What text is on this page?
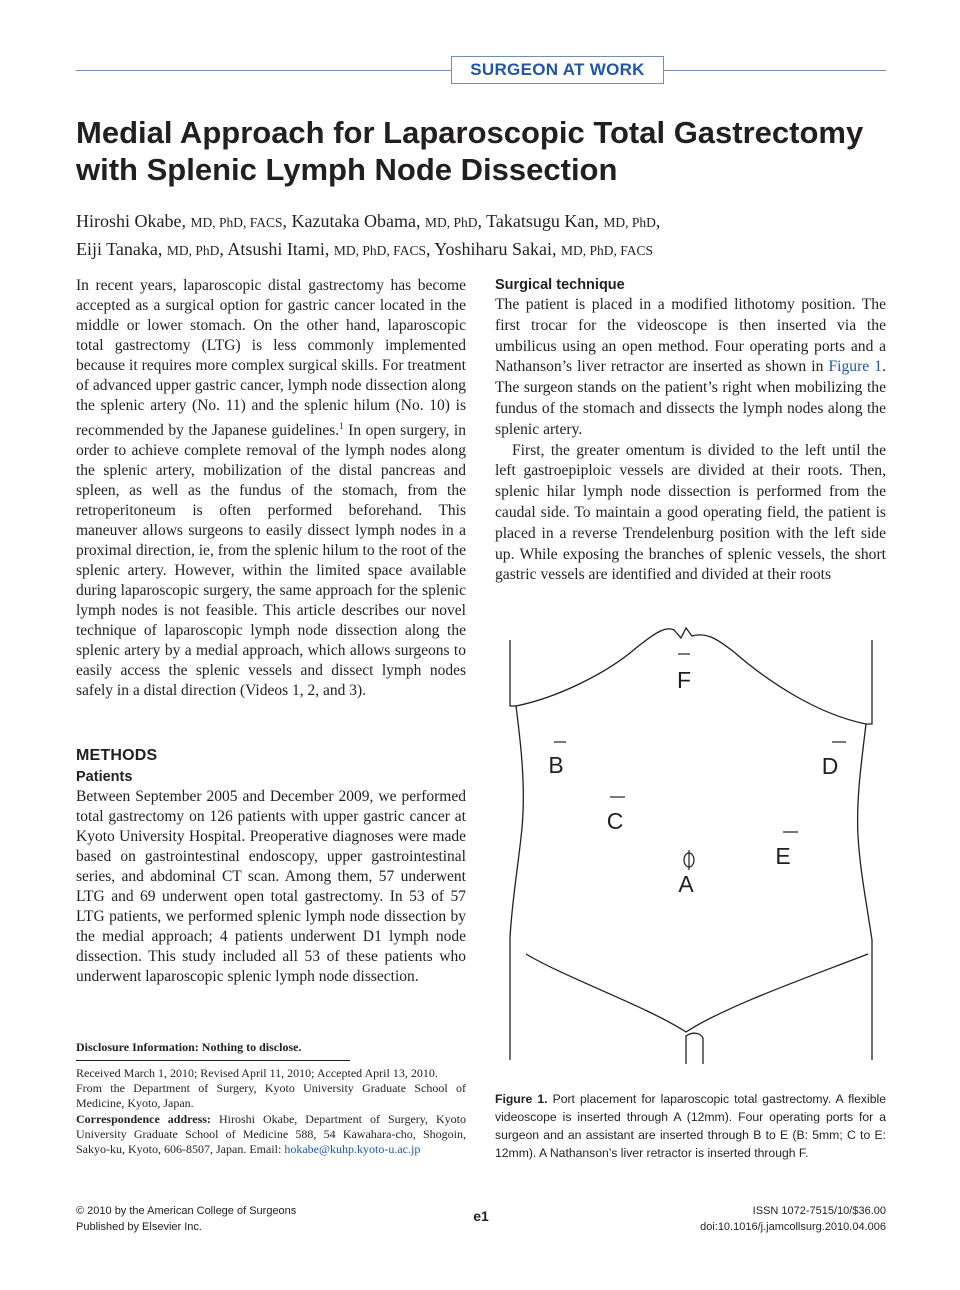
SURGEON AT WORK
Medial Approach for Laparoscopic Total Gastrectomy
with Splenic Lymph Node Dissection
Hiroshi Okabe, MD, PhD, FACS, Kazutaka Obama, MD, PhD, Takatsugu Kan, MD, PhD,
Eiji Tanaka, MD, PhD, Atsushi Itami, MD, PhD, FACS, Yoshiharu Sakai, MD, PhD, FACS

In recent years, laparoscopic distal gastrectomy has become accepted as a surgical option for gastric cancer located in the middle or lower stomach. On the other hand, laparoscopic total gastrectomy (LTG) is less commonly implemented because it requires more complex surgical skills. For treatment of advanced upper gastric cancer, lymph node dissection along the splenic artery (No. 11) and the splenic hilum (No. 10) is recommended by the Japanese guidelines.$^1$ In open surgery, in order to achieve complete removal of the lymph nodes along the splenic artery, mobilization of the distal pancreas and spleen, as well as the fundus of the stomach, from the retroperitoneum is often performed beforehand. This maneuver allows surgeons to easily dissect lymph nodes in a proximal direction, ie, from the splenic hilum to the root of the splenic artery. However, within the limited space available during laparoscopic surgery, the same approach for the splenic lymph nodes is not feasible. This article describes our novel technique of laparoscopic lymph node dissection along the splenic artery by a medial approach, which allows surgeons to easily access the splenic vessels and dissect lymph nodes safely in a distal direction (Videos 1, 2, and 3).

METHODS

Patients

Between September 2005 and December 2009, we performed total gastrectomy on 126 patients with upper gastric cancer at Kyoto University Hospital. Preoperative diagnoses were made based on gastrointestinal endoscopy, upper gastrointestinal series, and abdominal CT scan. Among them, 57 underwent LTG and 69 underwent open total gastrectomy. In 53 of 57 LTG patients, we performed splenic lymph node dissection by the medial approach; 4 patients underwent D1 lymph node dissection. This study included all 53 of these patients who underwent laparoscopic splenic lymph node dissection.

Disclosure Information: Nothing to disclose.

Received March 1, 2010; Revised April 11, 2010; Accepted April 13, 2010.
From the Department of Surgery, Kyoto University Graduate School of Medicine, Kyoto, Japan.
Correspondence address: Hiroshi Okabe, Department of Surgery, Kyoto University Graduate School of Medicine 588, 54 Kawahara-cho, Shogoin, Sakyo-ku, Kyoto, 606-8507, Japan. Email: hokabe@kuhp.kyoto-u.ac.jp

Surgical technique

The patient is placed in a modified lithotomy position. The first trocar for the videoscope is then inserted via the umbilicus using an open method. Four operating ports and a Nathanson’s liver retractor are inserted as shown in Figure 1. The surgeon stands on the patient’s right when mobilizing the fundus of the stomach and dissects the lymph nodes along the splenic artery.

First, the greater omentum is divided to the left until the left gastroepiploic vessels are divided at their roots. Then, splenic hilar lymph node dissection is performed from the caudal side. To maintain a good operating field, the patient is placed in a reverse Trendelenburg position with the left side up. While exposing the branches of splenic vessels, the short gastric vessels are identified and divided at their roots

F
B	D
C
E
A

Figure 1. Port placement for laparoscopic total gastrectomy. A flexible videoscope is inserted through A (12mm). Four operating ports for a surgeon and an assistant are inserted through B to E (B: 5mm; C to E: 12mm). A Nathanson’s liver retractor is inserted through F.

© 2010 by the American College of Surgeons
Published by Elsevier Inc.
e1	ISSN 1072-7515/10/$36.00
doi:10.1016/j.jamcollsurg.2010.04.006
